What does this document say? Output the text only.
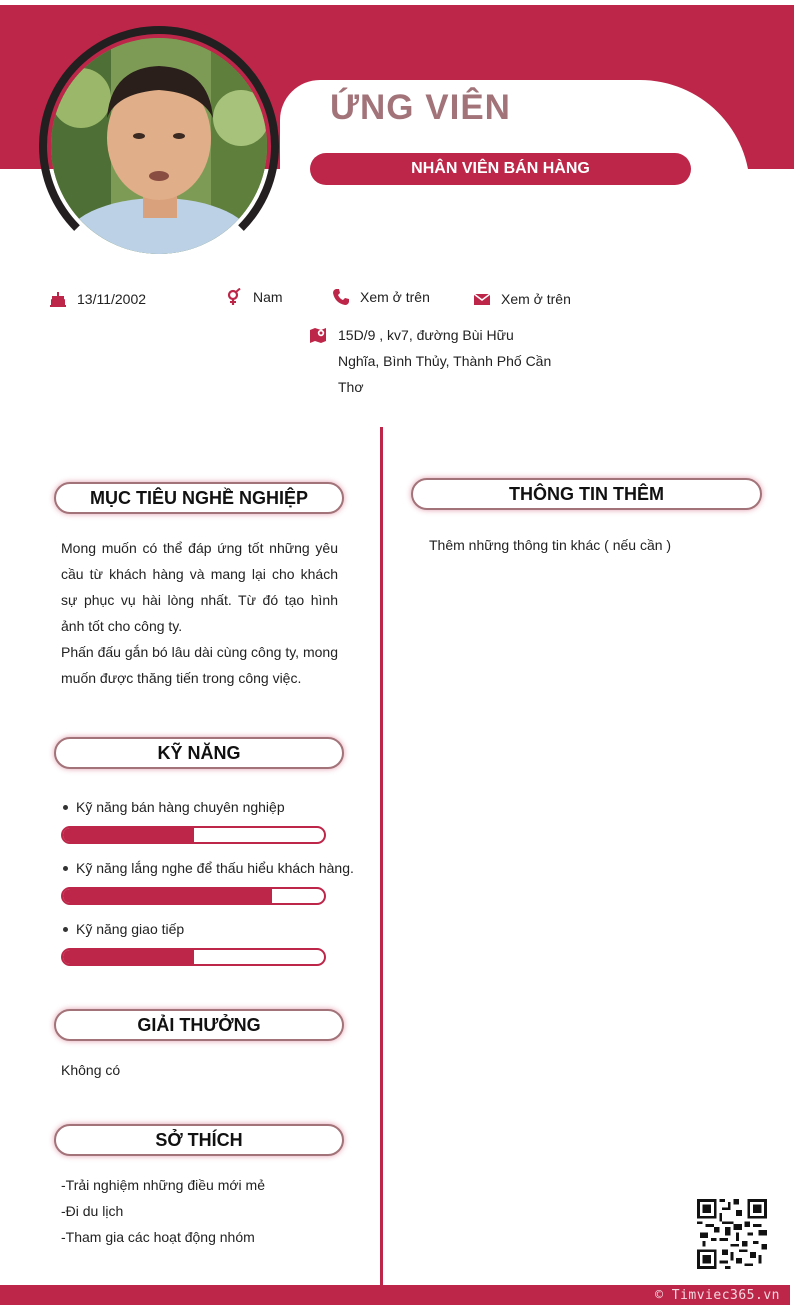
ỨNG VIÊN
NHÂN VIÊN BÁN HÀNG
13/11/2002	Nam	Xem ở trên	Xem ở trên
15D/9 , kv7, đường Bùi Hữu Nghĩa, Bình Thủy, Thành Phố Cần Thơ
MỤC TIÊU NGHỀ NGHIỆP
Mong muốn có thể đáp ứng tốt những yêu cầu từ khách hàng và mang lại cho khách sự phục vụ hài lòng nhất. Từ đó tạo hình ảnh tốt cho công ty.
Phấn đấu gắn bó lâu dài cùng công ty, mong muốn được thăng tiến trong công việc.
KỸ NĂNG
Kỹ năng bán hàng chuyên nghiệp
Kỹ năng lắng nghe để thấu hiểu khách hàng.
Kỹ năng giao tiếp
GIẢI THƯỞNG
Không có
SỞ THÍCH
-Trải nghiệm những điều mới mẻ
-Đi du lịch
-Tham gia các hoạt động nhóm
THÔNG TIN THÊM
Thêm những thông tin khác ( nếu cần )
© Timviec365.vn
